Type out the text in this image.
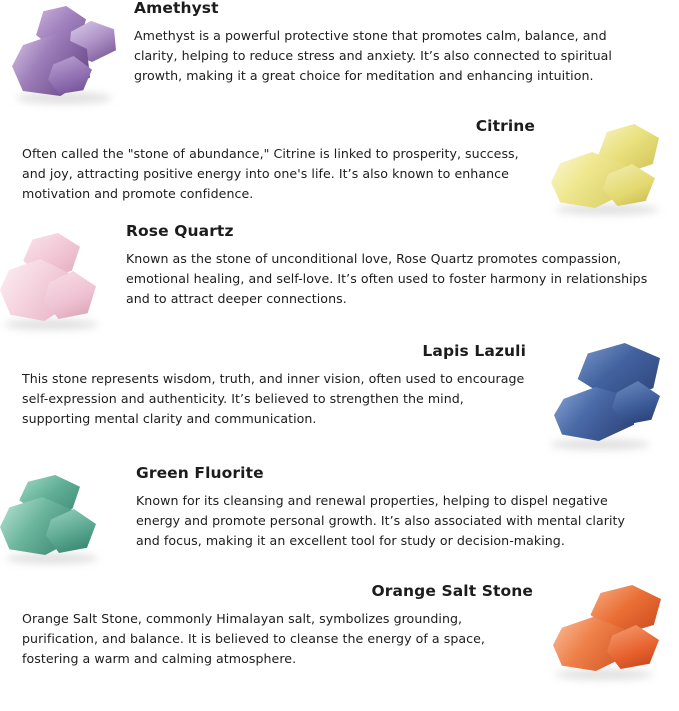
Amethyst

Amethyst is a powerful protective stone that promotes calm, balance, and clarity, helping to reduce stress and anxiety. It’s also connected to spiritual growth, making it a great choice for meditation and enhancing intuition.

Citrine

Often called the "stone of abundance," Citrine is linked to prosperity, success, and joy, attracting positive energy into one's life. It’s also known to enhance motivation and promote confidence.

Rose Quartz

Known as the stone of unconditional love, Rose Quartz promotes compassion, emotional healing, and self-love. It’s often used to foster harmony in relationships and to attract deeper connections.

Lapis Lazuli

This stone represents wisdom, truth, and inner vision, often used to encourage self-expression and authenticity. It’s believed to strengthen the mind, supporting mental clarity and communication.

Green Fluorite

Known for its cleansing and renewal properties, helping to dispel negative energy and promote personal growth. It’s also associated with mental clarity and focus, making it an excellent tool for study or decision-making.

Orange Salt Stone

Orange Salt Stone, commonly Himalayan salt, symbolizes grounding, purification, and balance. It is believed to cleanse the energy of a space, fostering a warm and calming atmosphere.
